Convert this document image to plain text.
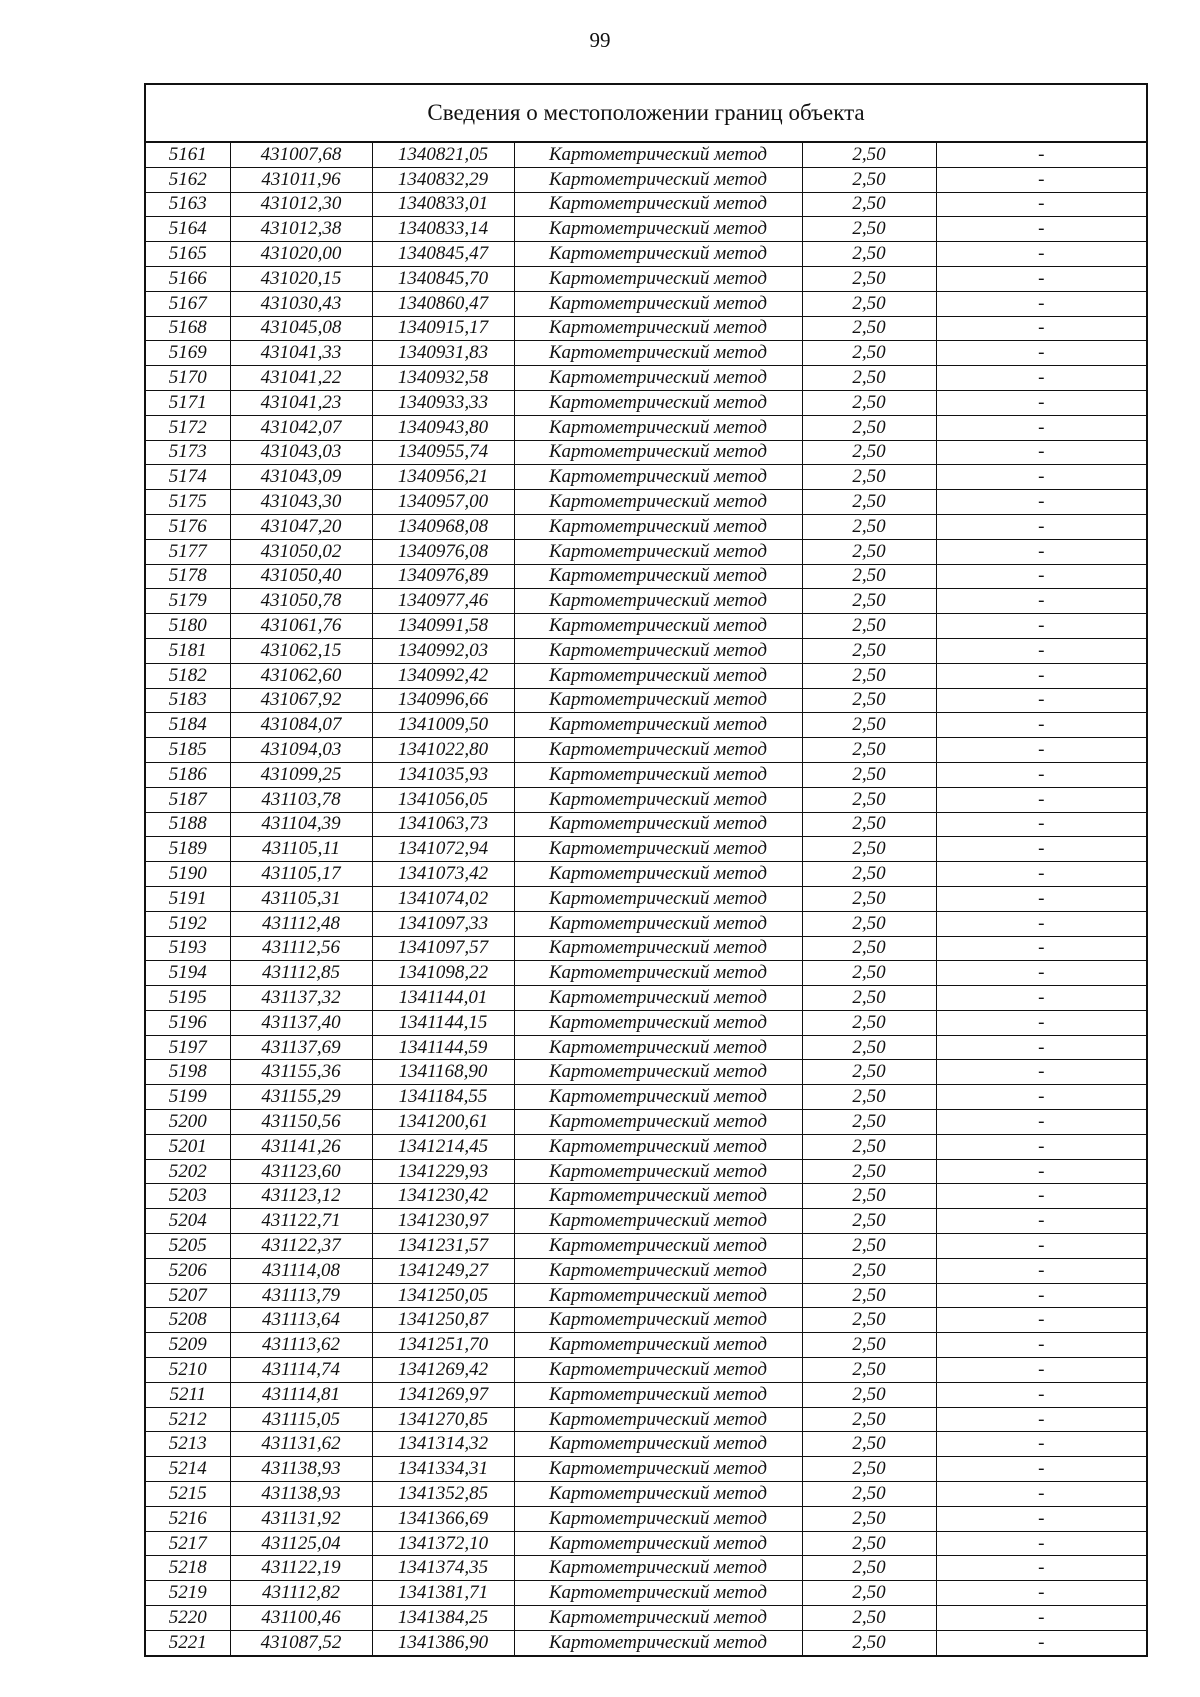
99
Сведения о местоположении границ объекта
5161	431007,68	1340821,05	Картометрический метод	2,50	-
5162	431011,96	1340832,29	Картометрический метод	2,50	-
5163	431012,30	1340833,01	Картометрический метод	2,50	-
5164	431012,38	1340833,14	Картометрический метод	2,50	-
5165	431020,00	1340845,47	Картометрический метод	2,50	-
5166	431020,15	1340845,70	Картометрический метод	2,50	-
5167	431030,43	1340860,47	Картометрический метод	2,50	-
5168	431045,08	1340915,17	Картометрический метод	2,50	-
5169	431041,33	1340931,83	Картометрический метод	2,50	-
5170	431041,22	1340932,58	Картометрический метод	2,50	-
5171	431041,23	1340933,33	Картометрический метод	2,50	-
5172	431042,07	1340943,80	Картометрический метод	2,50	-
5173	431043,03	1340955,74	Картометрический метод	2,50	-
5174	431043,09	1340956,21	Картометрический метод	2,50	-
5175	431043,30	1340957,00	Картометрический метод	2,50	-
5176	431047,20	1340968,08	Картометрический метод	2,50	-
5177	431050,02	1340976,08	Картометрический метод	2,50	-
5178	431050,40	1340976,89	Картометрический метод	2,50	-
5179	431050,78	1340977,46	Картометрический метод	2,50	-
5180	431061,76	1340991,58	Картометрический метод	2,50	-
5181	431062,15	1340992,03	Картометрический метод	2,50	-
5182	431062,60	1340992,42	Картометрический метод	2,50	-
5183	431067,92	1340996,66	Картометрический метод	2,50	-
5184	431084,07	1341009,50	Картометрический метод	2,50	-
5185	431094,03	1341022,80	Картометрический метод	2,50	-
5186	431099,25	1341035,93	Картометрический метод	2,50	-
5187	431103,78	1341056,05	Картометрический метод	2,50	-
5188	431104,39	1341063,73	Картометрический метод	2,50	-
5189	431105,11	1341072,94	Картометрический метод	2,50	-
5190	431105,17	1341073,42	Картометрический метод	2,50	-
5191	431105,31	1341074,02	Картометрический метод	2,50	-
5192	431112,48	1341097,33	Картометрический метод	2,50	-
5193	431112,56	1341097,57	Картометрический метод	2,50	-
5194	431112,85	1341098,22	Картометрический метод	2,50	-
5195	431137,32	1341144,01	Картометрический метод	2,50	-
5196	431137,40	1341144,15	Картометрический метод	2,50	-
5197	431137,69	1341144,59	Картометрический метод	2,50	-
5198	431155,36	1341168,90	Картометрический метод	2,50	-
5199	431155,29	1341184,55	Картометрический метод	2,50	-
5200	431150,56	1341200,61	Картометрический метод	2,50	-
5201	431141,26	1341214,45	Картометрический метод	2,50	-
5202	431123,60	1341229,93	Картометрический метод	2,50	-
5203	431123,12	1341230,42	Картометрический метод	2,50	-
5204	431122,71	1341230,97	Картометрический метод	2,50	-
5205	431122,37	1341231,57	Картометрический метод	2,50	-
5206	431114,08	1341249,27	Картометрический метод	2,50	-
5207	431113,79	1341250,05	Картометрический метод	2,50	-
5208	431113,64	1341250,87	Картометрический метод	2,50	-
5209	431113,62	1341251,70	Картометрический метод	2,50	-
5210	431114,74	1341269,42	Картометрический метод	2,50	-
5211	431114,81	1341269,97	Картометрический метод	2,50	-
5212	431115,05	1341270,85	Картометрический метод	2,50	-
5213	431131,62	1341314,32	Картометрический метод	2,50	-
5214	431138,93	1341334,31	Картометрический метод	2,50	-
5215	431138,93	1341352,85	Картометрический метод	2,50	-
5216	431131,92	1341366,69	Картометрический метод	2,50	-
5217	431125,04	1341372,10	Картометрический метод	2,50	-
5218	431122,19	1341374,35	Картометрический метод	2,50	-
5219	431112,82	1341381,71	Картометрический метод	2,50	-
5220	431100,46	1341384,25	Картометрический метод	2,50	-
5221	431087,52	1341386,90	Картометрический метод	2,50	-
